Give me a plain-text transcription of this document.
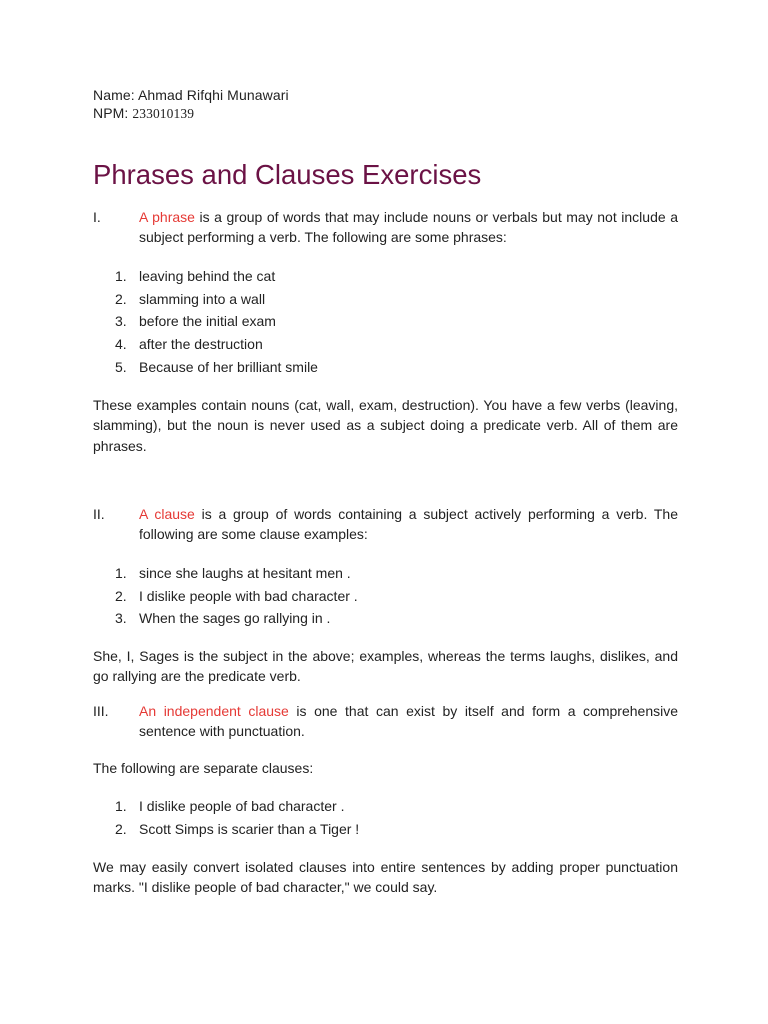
Name: Ahmad Rifqhi Munawari
NPM: 233010139
Phrases and Clauses Exercises
I.	A phrase is a group of words that may include nouns or verbals but may not include a subject performing a verb. The following are some phrases:
1. leaving behind the cat
2. slamming into a wall
3. before the initial exam
4. after the destruction
5. Because of her brilliant smile

These examples contain nouns (cat, wall, exam, destruction). You have a few verbs (leaving, slamming), but the noun is never used as a subject doing a predicate verb. All of them are phrases.

II.	A clause is a group of words containing a subject actively performing a verb. The following are some clause examples:
1. since she laughs at hesitant men .
2. I dislike people with bad character .
3. When the sages go rallying in .

She, I, Sages is the subject in the above; examples, whereas the terms laughs, dislikes, and go rallying are the predicate verb.

III.	An independent clause is one that can exist by itself and form a comprehensive sentence with punctuation.

The following are separate clauses:

1. I dislike people of bad character .
2. Scott Simps is scarier than a Tiger !

We may easily convert isolated clauses into entire sentences by adding proper punctuation marks. "I dislike people of bad character," we could say.
